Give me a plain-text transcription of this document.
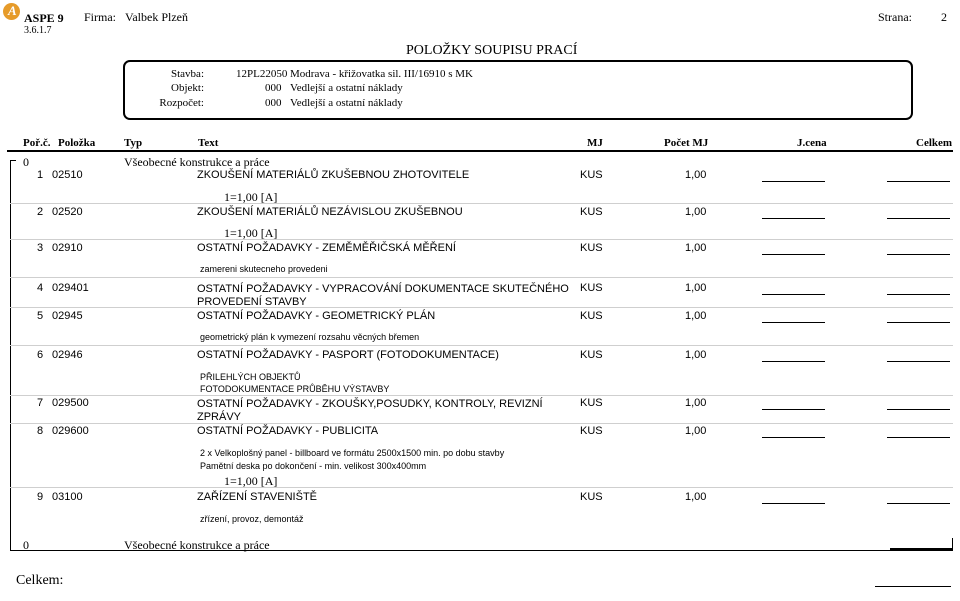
A ASPE 9
3.6.1.7
Firma: Valbek Plzeň	Strana: 2
POLOŽKY SOUPISU PRACÍ
Stavba:	12PL22050 Modrava - křižovatka sil. III/16910 s MK
Objekt:	000 Vedlejší a ostatní náklady
Rozpočet:	000 Vedlejší a ostatní náklady
Poř.č. Položka	Typ	Text	MJ	Počet MJ	J.cena	Celkem
0	Všeobecné konstrukce a práce
1 02510	ZKOUŠENÍ MATERIÁLŮ ZKUŠEBNOU ZHOTOVITELE	KUS	1,00
1=1,00 [A]
2 02520	ZKOUŠENÍ MATERIÁLŮ NEZÁVISLOU ZKUŠEBNOU	KUS	1,00
1=1,00 [A]
3 02910	OSTATNÍ POŽADAVKY - ZEMĚMĚŘIČSKÁ MĚŘENÍ	KUS	1,00
zamereni skutecneho provedeni
4 029401	OSTATNÍ POŽADAVKY - VYPRACOVÁNÍ DOKUMENTACE SKUTEČNÉHO
PROVEDENÍ STAVBY
KUS	1,00
5 02945	OSTATNÍ POŽADAVKY - GEOMETRICKÝ PLÁN	KUS	1,00
geometrický plán k vymezení rozsahu věcných břemen
6 02946	OSTATNÍ POŽADAVKY - PASPORT (FOTODOKUMENTACE)	KUS	1,00
PŘILEHLÝCH OBJEKTŮ
FOTODOKUMENTACE PRŮBĚHU VÝSTAVBY
7 029500	OSTATNÍ POŽADAVKY - ZKOUŠKY,POSUDKY, KONTROLY, REVIZNÍ
ZPRÁVY
KUS	1,00
8 029600	OSTATNÍ POŽADAVKY - PUBLICITA	KUS	1,00
2 x Velkoplošný panel - billboard ve formátu 2500x1500 min. po dobu stavby
Pamětní deska po dokončení - min. velikost 300x400mm
1=1,00 [A]
9 03100	ZAŘÍZENÍ STAVENIŠTĚ	KUS	1,00
zřízení, provoz, demontáž
0	Všeobecné konstrukce a práce
Celkem:
